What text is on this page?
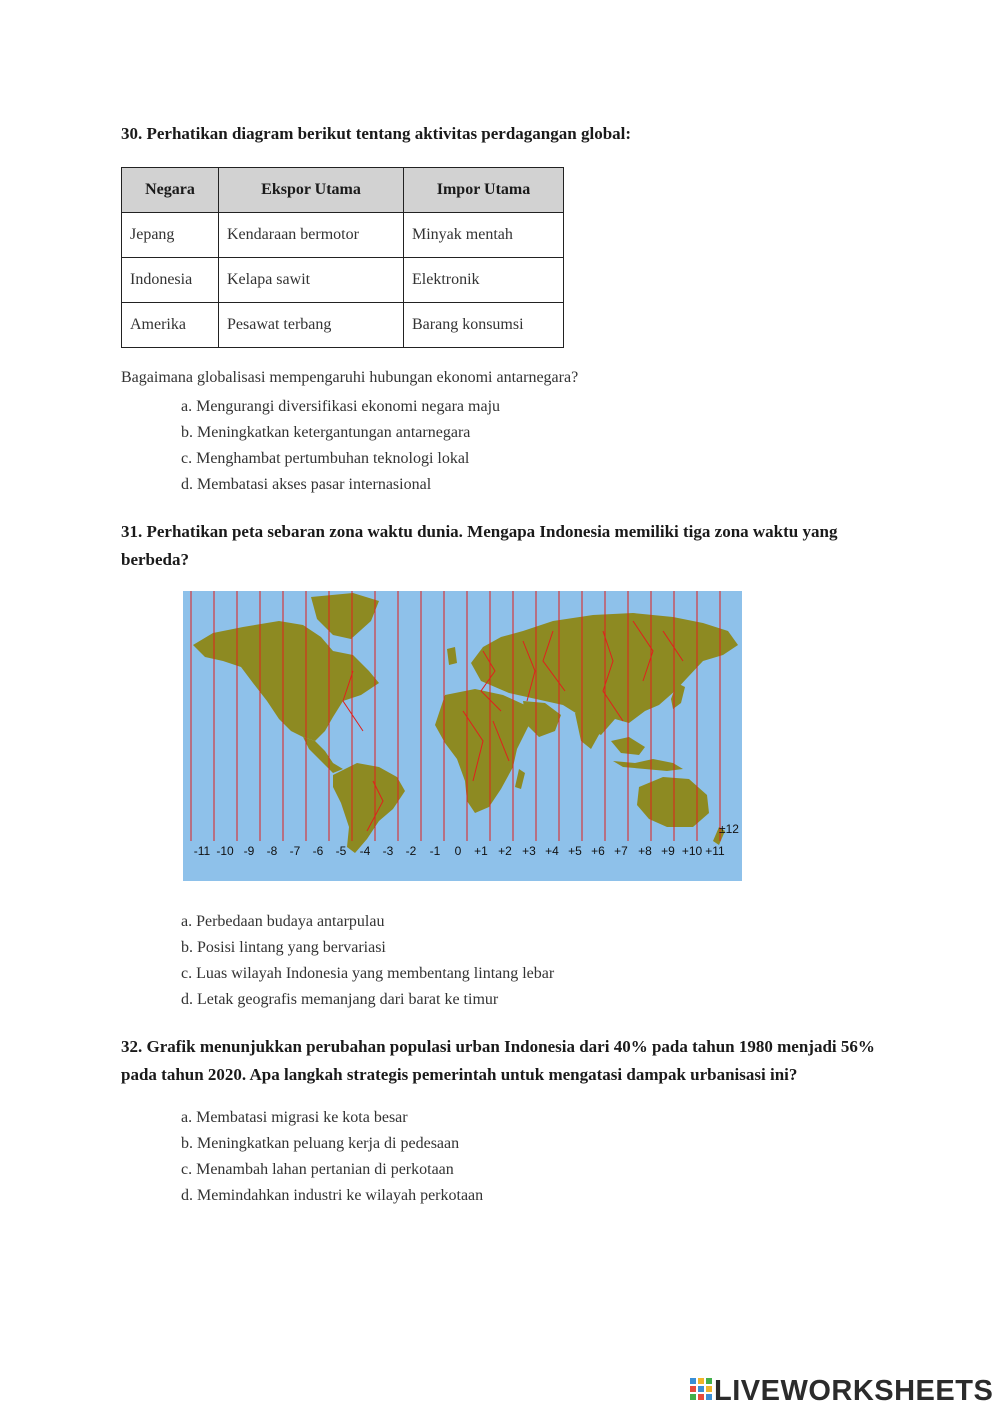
30. Perhatikan diagram berikut tentang aktivitas perdagangan global:
Negara	Ekspor Utama	Impor Utama
Jepang	Kendaraan bermotor	Minyak mentah
Indonesia	Kelapa sawit	Elektronik
Amerika	Pesawat terbang	Barang konsumsi
Bagaimana globalisasi mempengaruhi hubungan ekonomi antarnegara?
a. Mengurangi diversifikasi ekonomi negara maju
b. Meningkatkan ketergantungan antarnegara
c. Menghambat pertumbuhan teknologi lokal
d. Membatasi akses pasar internasional
31. Perhatikan peta sebaran zona waktu dunia. Mengapa Indonesia memiliki tiga zona waktu yang berbeda?
-11 -10 -9 -8 -7 -6 -5 -4 -3 -2 -1 0 +1 +2 +3 +4 +5 +6 +7 +8 +9 +10 +11
±12
a. Perbedaan budaya antarpulau
b. Posisi lintang yang bervariasi
c. Luas wilayah Indonesia yang membentang lintang lebar
d. Letak geografis memanjang dari barat ke timur
32. Grafik menunjukkan perubahan populasi urban Indonesia dari 40% pada tahun 1980 menjadi 56% pada tahun 2020. Apa langkah strategis pemerintah untuk mengatasi dampak urbanisasi ini?
a. Membatasi migrasi ke kota besar
b. Meningkatkan peluang kerja di pedesaan
c. Menambah lahan pertanian di perkotaan
d. Memindahkan industri ke wilayah perkotaan
LIVEWORKSHEETS
